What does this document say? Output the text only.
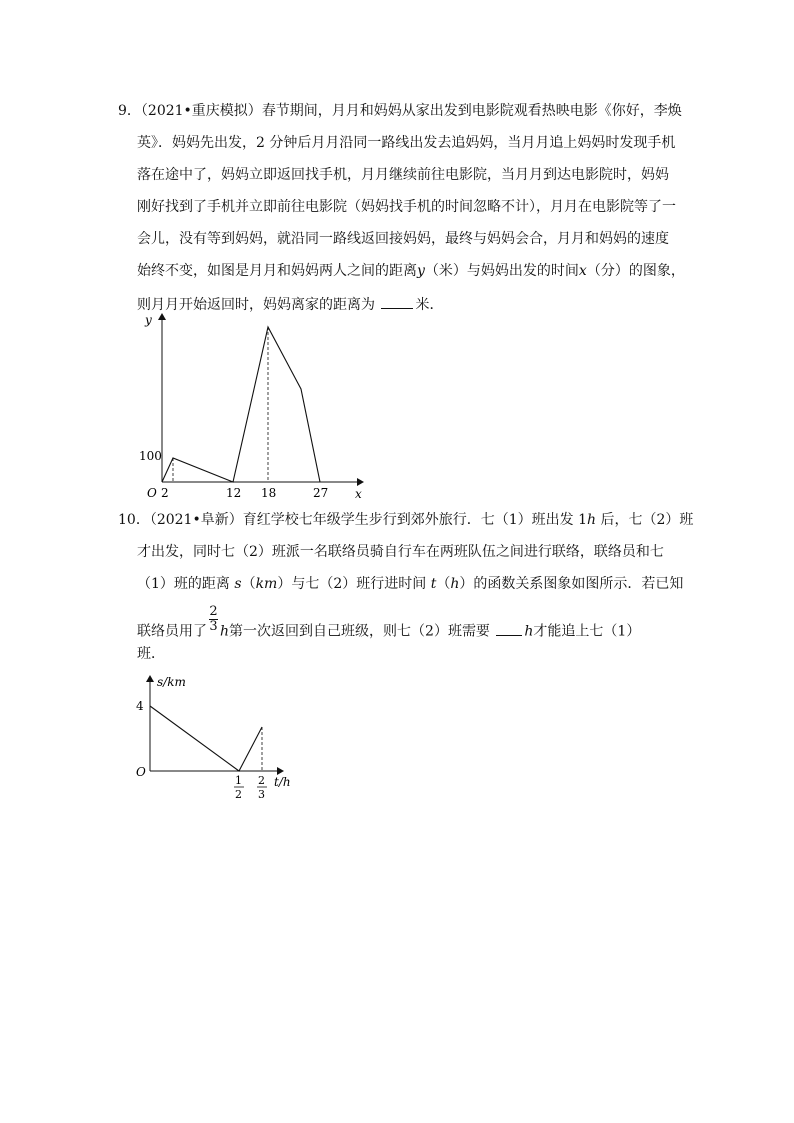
9．（2021•重庆模拟）春节期间，月月和妈妈从家出发到电影院观看热映电影《你好，李焕
英》．妈妈先出发，2 分钟后月月沿同一路线出发去追妈妈，当月月追上妈妈时发现手机
落在途中了，妈妈立即返回找手机，月月继续前往电影院，当月月到达电影院时，妈妈
刚好找到了手机并立即前往电影院（妈妈找手机的时间忽略不计），月月在电影院等了一
会儿，没有等到妈妈，就沿同一路线返回接妈妈，最终与妈妈会合，月月和妈妈的速度
始终不变，如图是月月和妈妈两人之间的距离y（米）与妈妈出发的时间x（分）的图象，
则月月开始返回时，妈妈离家的距离为	米．
y
x
O
100
2	12 18	27
10．（2021•阜新）育红学校七年级学生步行到郊外旅行．七（1）班出发 1h 后，七（2）班
才出发，同时七（2）班派一名联络员骑自行车在两班队伍之间进行联络，联络员和七
（1）班的距离 s（km）与七（2）班行进时间 t（h）的函数关系图象如图所示．若已知
联络员用了 $\frac{2}{3}$ h第一次返回到自己班级，则七（2）班需要 h才能追上七（1）
班．
s/km
t/h
O
4
1
2
2
3
